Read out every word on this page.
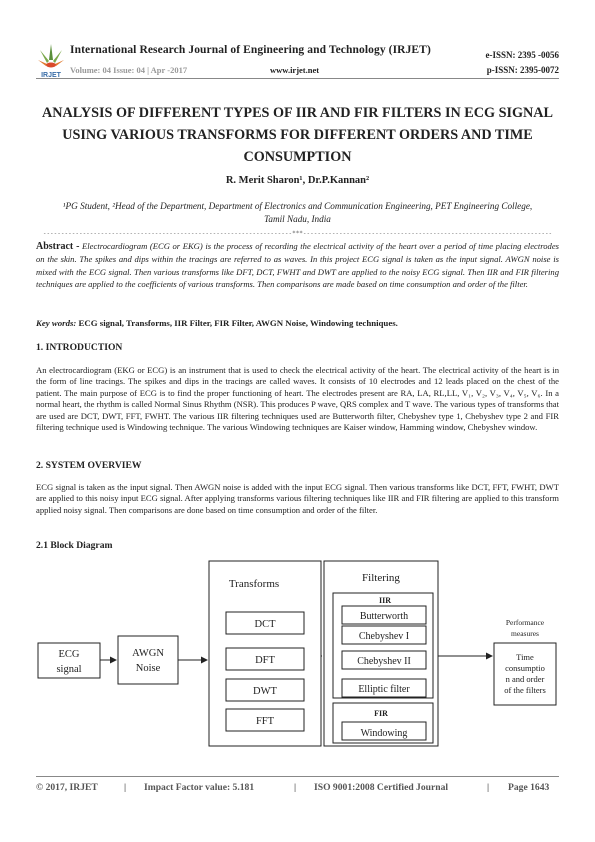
IRJET
International Research Journal of Engineering and Technology (IRJET)
Volume: 04 Issue: 04 | Apr -2017	www.irjet.net
e-ISSN: 2395 -0056
p-ISSN: 2395-0072
ANALYSIS OF DIFFERENT TYPES OF IIR AND FIR FILTERS IN ECG SIGNAL USING VARIOUS TRANSFORMS FOR DIFFERENT ORDERS AND TIME CONSUMPTION
R. Merit Sharon¹, Dr.P.Kannan²
¹PG Student, ²Head of the Department, Department of Electronics and Communication Engineering, PET Engineering College, Tamil Nadu, India
---------------------------------------------------------------------***---------------------------------------------------------------------
Abstract - Electrocardiogram (ECG or EKG) is the process of recording the electrical activity of the heart over a period of time placing electrodes on the skin. The spikes and dips within the tracings are referred to as waves. In this project ECG signal is taken as the input signal. AWGN noise is mixed with the ECG signal. Then various transforms like DFT, DCT, FWHT and DWT are applied to the noisy ECG signal. Then IIR and FIR filtering techniques are applied to the coefficients of various transforms. Then comparisons are made based on time consumption and order of the filter.
Key words: ECG signal, Transforms, IIR Filter, FIR Filter, AWGN Noise, Windowing techniques.
1. INTRODUCTION
An electrocardiogram (EKG or ECG) is an instrument that is used to check the electrical activity of the heart. The electrical activity of the heart is in the form of line tracings. The spikes and dips in the tracings are called waves. It consists of 10 electrodes and 12 leads placed on the chest of the patient. The main purpose of ECG is to find the proper functioning of heart. The electrodes present are RA, LA, RL,LL, V₁, V₂, V₃, V₄, V₅, V₆. In a normal heart, the rhythm is called Normal Sinus Rhythm (NSR). This produces P wave, QRS complex and T wave. The various types of transforms that are used are DCT, DWT, FFT, FWHT. The various IIR filtering techniques used are Butterworth filter, Chebyshev type 1, Chebyshev type 2 and FIR filtering technique used is Windowing technique. The various Windowing techniques are Kaiser window, Hamming window, Chebyshev window.
2. SYSTEM OVERVIEW
ECG signal is taken as the input signal. Then AWGN noise is added with the input ECG signal. Then various transforms like DCT, FFT, FWHT, DWT are applied to this noisy input ECG signal. After applying transforms various filtering techniques like IIR and FIR filtering are applied to this transform applied noisy signal. Then comparisons are done based on time consumption and order of the filter.
2.1 Block Diagram
ECG
signal
AWGN
Noise
Transforms
DCT
DFT
DWT
FFT
Filtering
IIR
Butterworth
Chebyshev I
Chebyshev II
Elliptic filter
FIR
Windowing
Performance
measures
Time
consumptio
n and order
of the filters
© 2017, IRJET	| Impact Factor value: 5.181	| ISO 9001:2008 Certified Journal	| Page 1643
